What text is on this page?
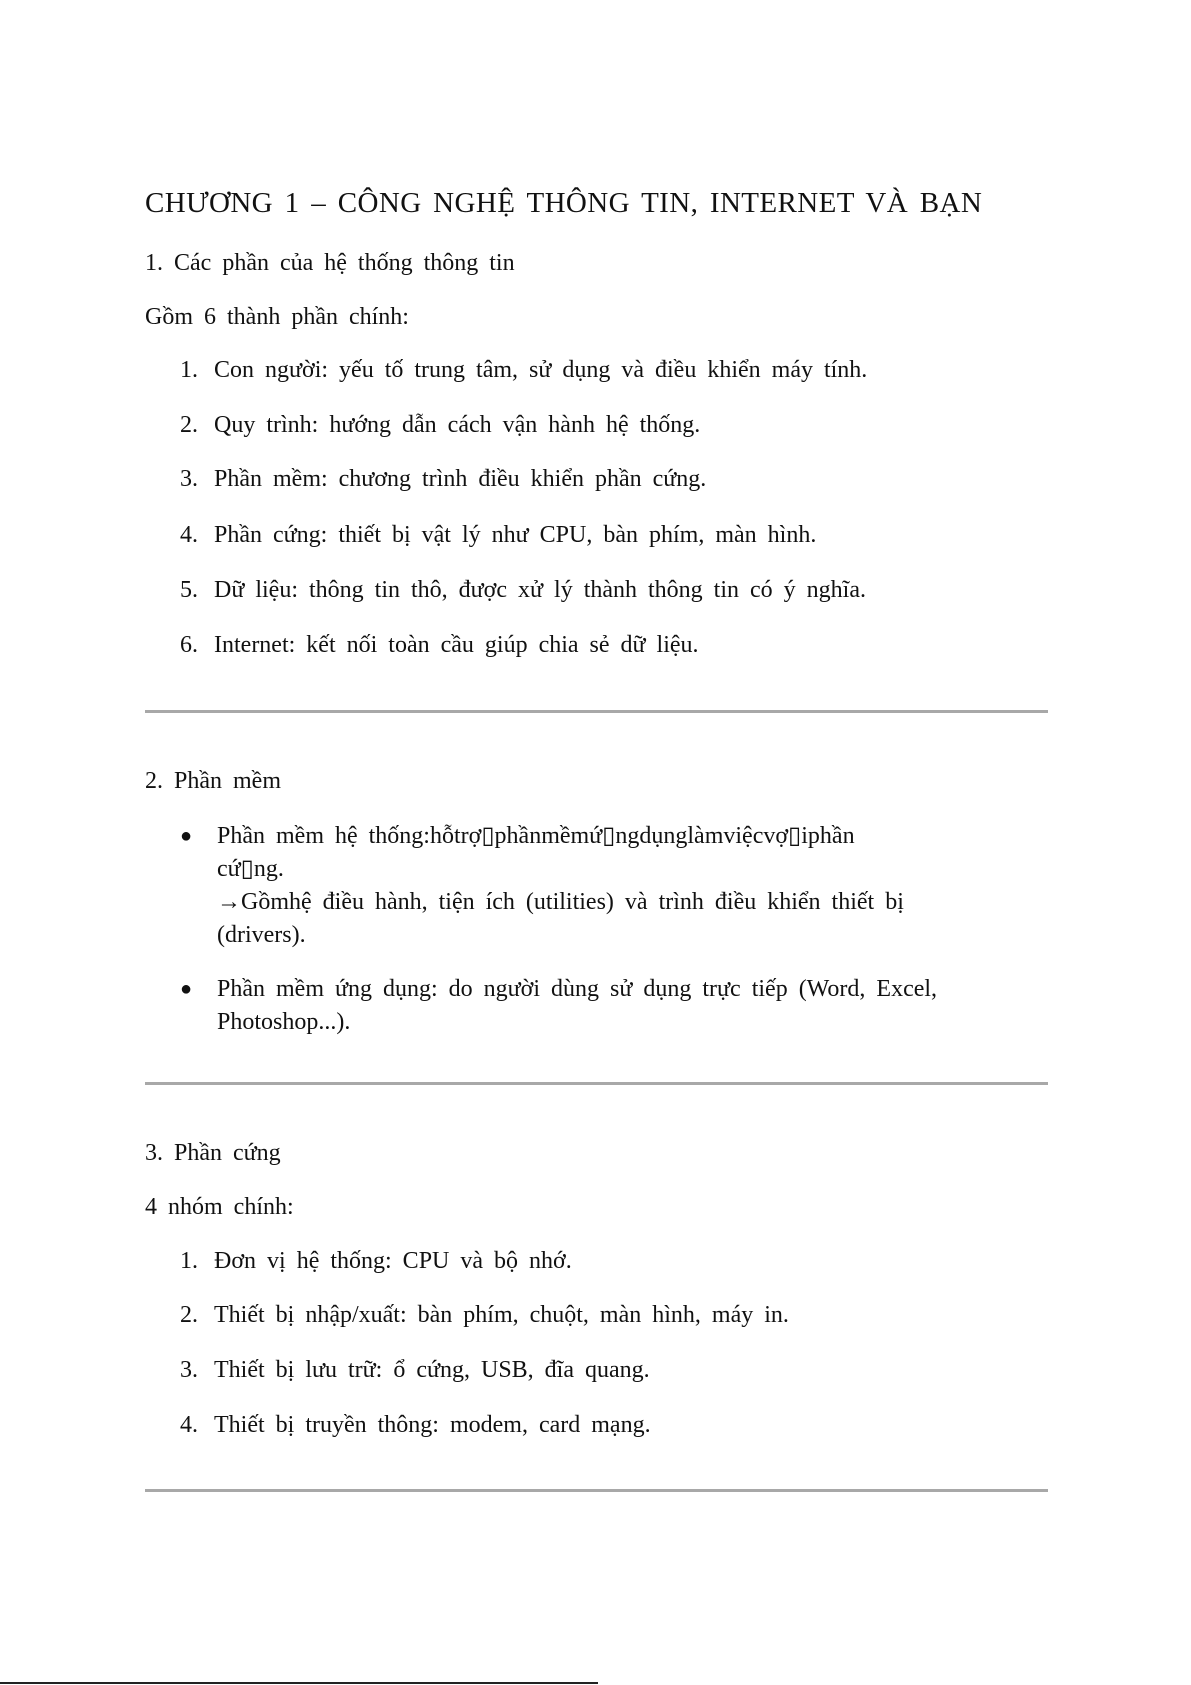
CHƯƠNG 1 – CÔNG NGHỆ THÔNG TIN, INTERNET VÀ BẠN

1. Các phần của hệ thống thông tin

Gồm 6 thành phần chính:

1. Con người: yếu tố trung tâm, sử dụng và điều khiển máy tính.

2. Quy trình: hướng dẫn cách vận hành hệ thống.

3. Phần mềm: chương trình điều khiển phần cứng.

4. Phần cứng: thiết bị vật lý như CPU, bàn phím, màn hình.

5. Dữ liệu: thông tin thô, được xử lý thành thông tin có ý nghĩa.

6. Internet: kết nối toàn cầu giúp chia sẻ dữ liệu.

2. Phần mềm

● Phần mềm hệ thống:hỗtrợ▯phầnmềmứ▯ngdụnglàmviệcvợ▯iphần
cứ▯ng.
→Gồmhệ điều hành, tiện ích (utilities) và trình điều khiển thiết bị
(drivers).
● Phần mềm ứng dụng: do người dùng sử dụng trực tiếp (Word, Excel,
Photoshop...).

3. Phần cứng

4 nhóm chính:

1. Đơn vị hệ thống: CPU và bộ nhớ.

2. Thiết bị nhập/xuất: bàn phím, chuột, màn hình, máy in.

3. Thiết bị lưu trữ: ổ cứng, USB, đĩa quang.

4. Thiết bị truyền thông: modem, card mạng.
